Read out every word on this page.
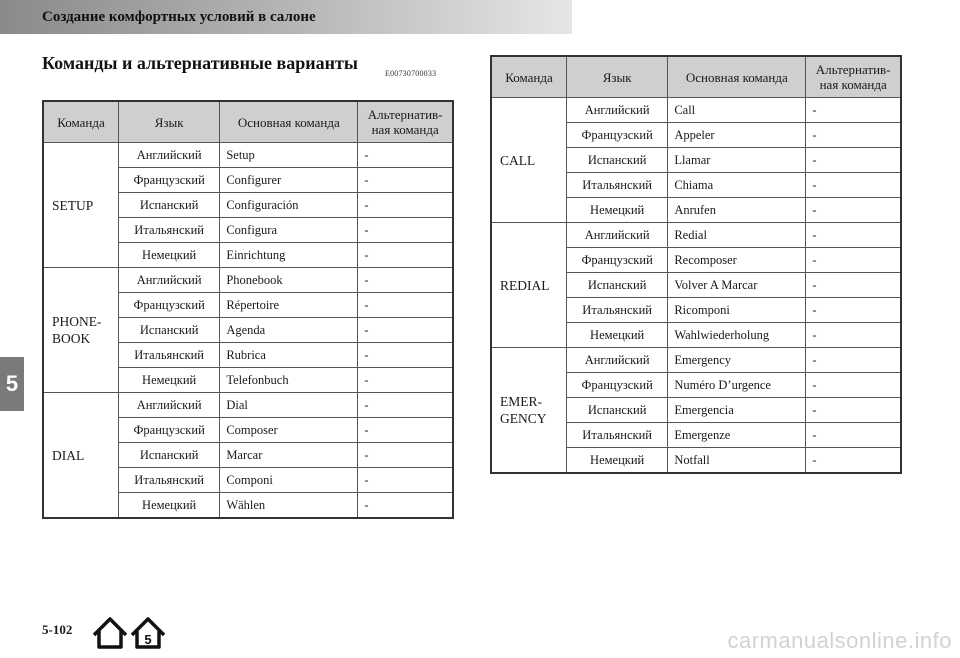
Создание комфортных условий в салоне
Команды и альтернативные варианты
E00730700033
5
Команда	Язык	Основная команда	Альтернатив-
ная команда
SETUP	Английский	Setup	-
	Французский	Configurer	-
	Испанский	Configuración	-
	Итальянский	Configura	-
	Немецкий	Einrichtung	-
PHONE-
BOOK	Английский	Phonebook	-
	Французский	Répertoire	-
	Испанский	Agenda	-
	Итальянский	Rubrica	-
	Немецкий	Telefonbuch	-
DIAL	Английский	Dial	-
	Французский	Composer	-
	Испанский	Marcar	-
	Итальянский	Componi	-
	Немецкий	Wählen	-
Команда	Язык	Основная команда	Альтернатив-
ная команда
CALL	Английский	Call	-
	Французский	Appeler	-
	Испанский	Llamar	-
	Итальянский	Chiama	-
	Немецкий	Anrufen	-
REDIAL	Английский	Redial	-
	Французский	Recomposer	-
	Испанский	Volver A Marcar	-
	Итальянский	Ricomponi	-
	Немецкий	Wahlwiederholung	-
EMER-
GENCY	Английский	Emergency	-
	Французский	Numéro D’urgence	-
	Испанский	Emergencia	-
	Итальянский	Emergenze	-
	Немецкий	Notfall	-
5-102
5	carmanualsonline.info
